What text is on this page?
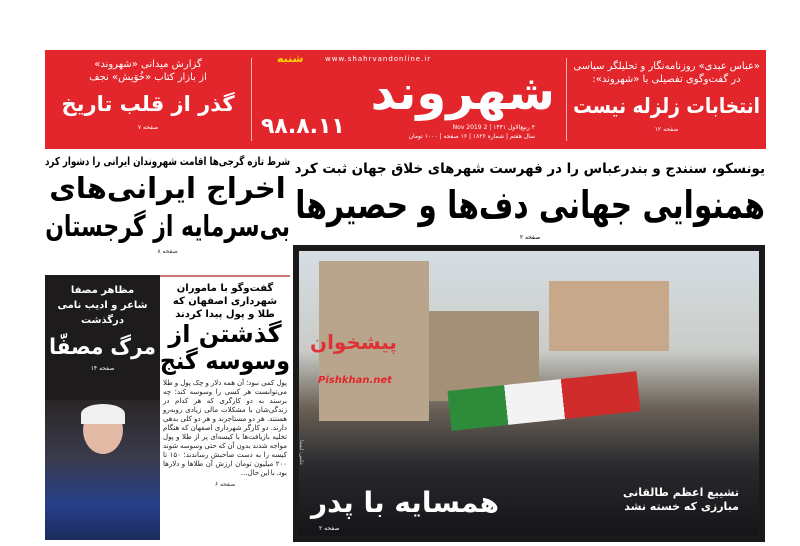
گزارش میدانی «شهروند»
از بازار کتاب «خُوَیش» نجف
گذر از قلب تاریخ
صفحه ۷
شنبه	www.shahrvandonline.ir
شهروند
۹۸.۸.۱۱	۴ ربیع‌الاول ۱۴۴۱ | 2 Nov 2019
سال هفتم | شماره ۱۸۲۶ | ۱۶ صفحه | ۱۰۰۰ تومان
«عباس عبدی» روزنامه‌نگار و تحلیلگر سیاسی
در گفت‌وگوی تفصیلی با «شهروند»:
انتخابات زلزله نیست
صفحه ۱۲
یونسکو، سنندج و بندرعباس را در فهرست شهرهای خلاق جهان ثبت کرد
همنوایی جهانی دف‌ها و حصیرها
صفحه ۲
شرط تازه گرجی‌ها اقامت شهروندان ایرانی را دشوار کرد
اخراج ایرانی‌های
بی‌سرمایه از گرجستان
صفحه ۸
مظاهر مصفا
شاعر و ادیب نامی
درگذشت
مرگ مصفّا
صفحه ۱۴
گفت‌وگو با ماموران شهرداری اصفهان که طلا و پول پیدا کردند
گذشتن از
وسوسه گنج
پول کمی نبود؛ آن همه دلار و چک پول و طلا می‌توانست هر کسی را وسوسه کند؛ چه برسند به دو کارگری که هر کدام در زندگی‌شان با مشکلات مالی زیادی روبه‌رو هستند. هر دو مستاجرند و هر دو کلی بدهی دارند. دو کارگر شهرداری اصفهان که هنگام تخلیه بازیافت‌ها با کیسه‌ای پر از طلا و پول مواجه شدند بدون آن که حتی وسوسه شوند کیسه را به دست صاحبش رساندند؛ ۱۵۰ تا ۲۰۰ میلیون تومان ارزش آن طلاها و دلارها بود. با این حال...
صفحه ۶
تشییع اعظم طالقانی
مبارزی که خسته نشد
همسایه با پدر
صفحه ۲
عکس: ایسنا
پیشخوان
Pishkhan.net
